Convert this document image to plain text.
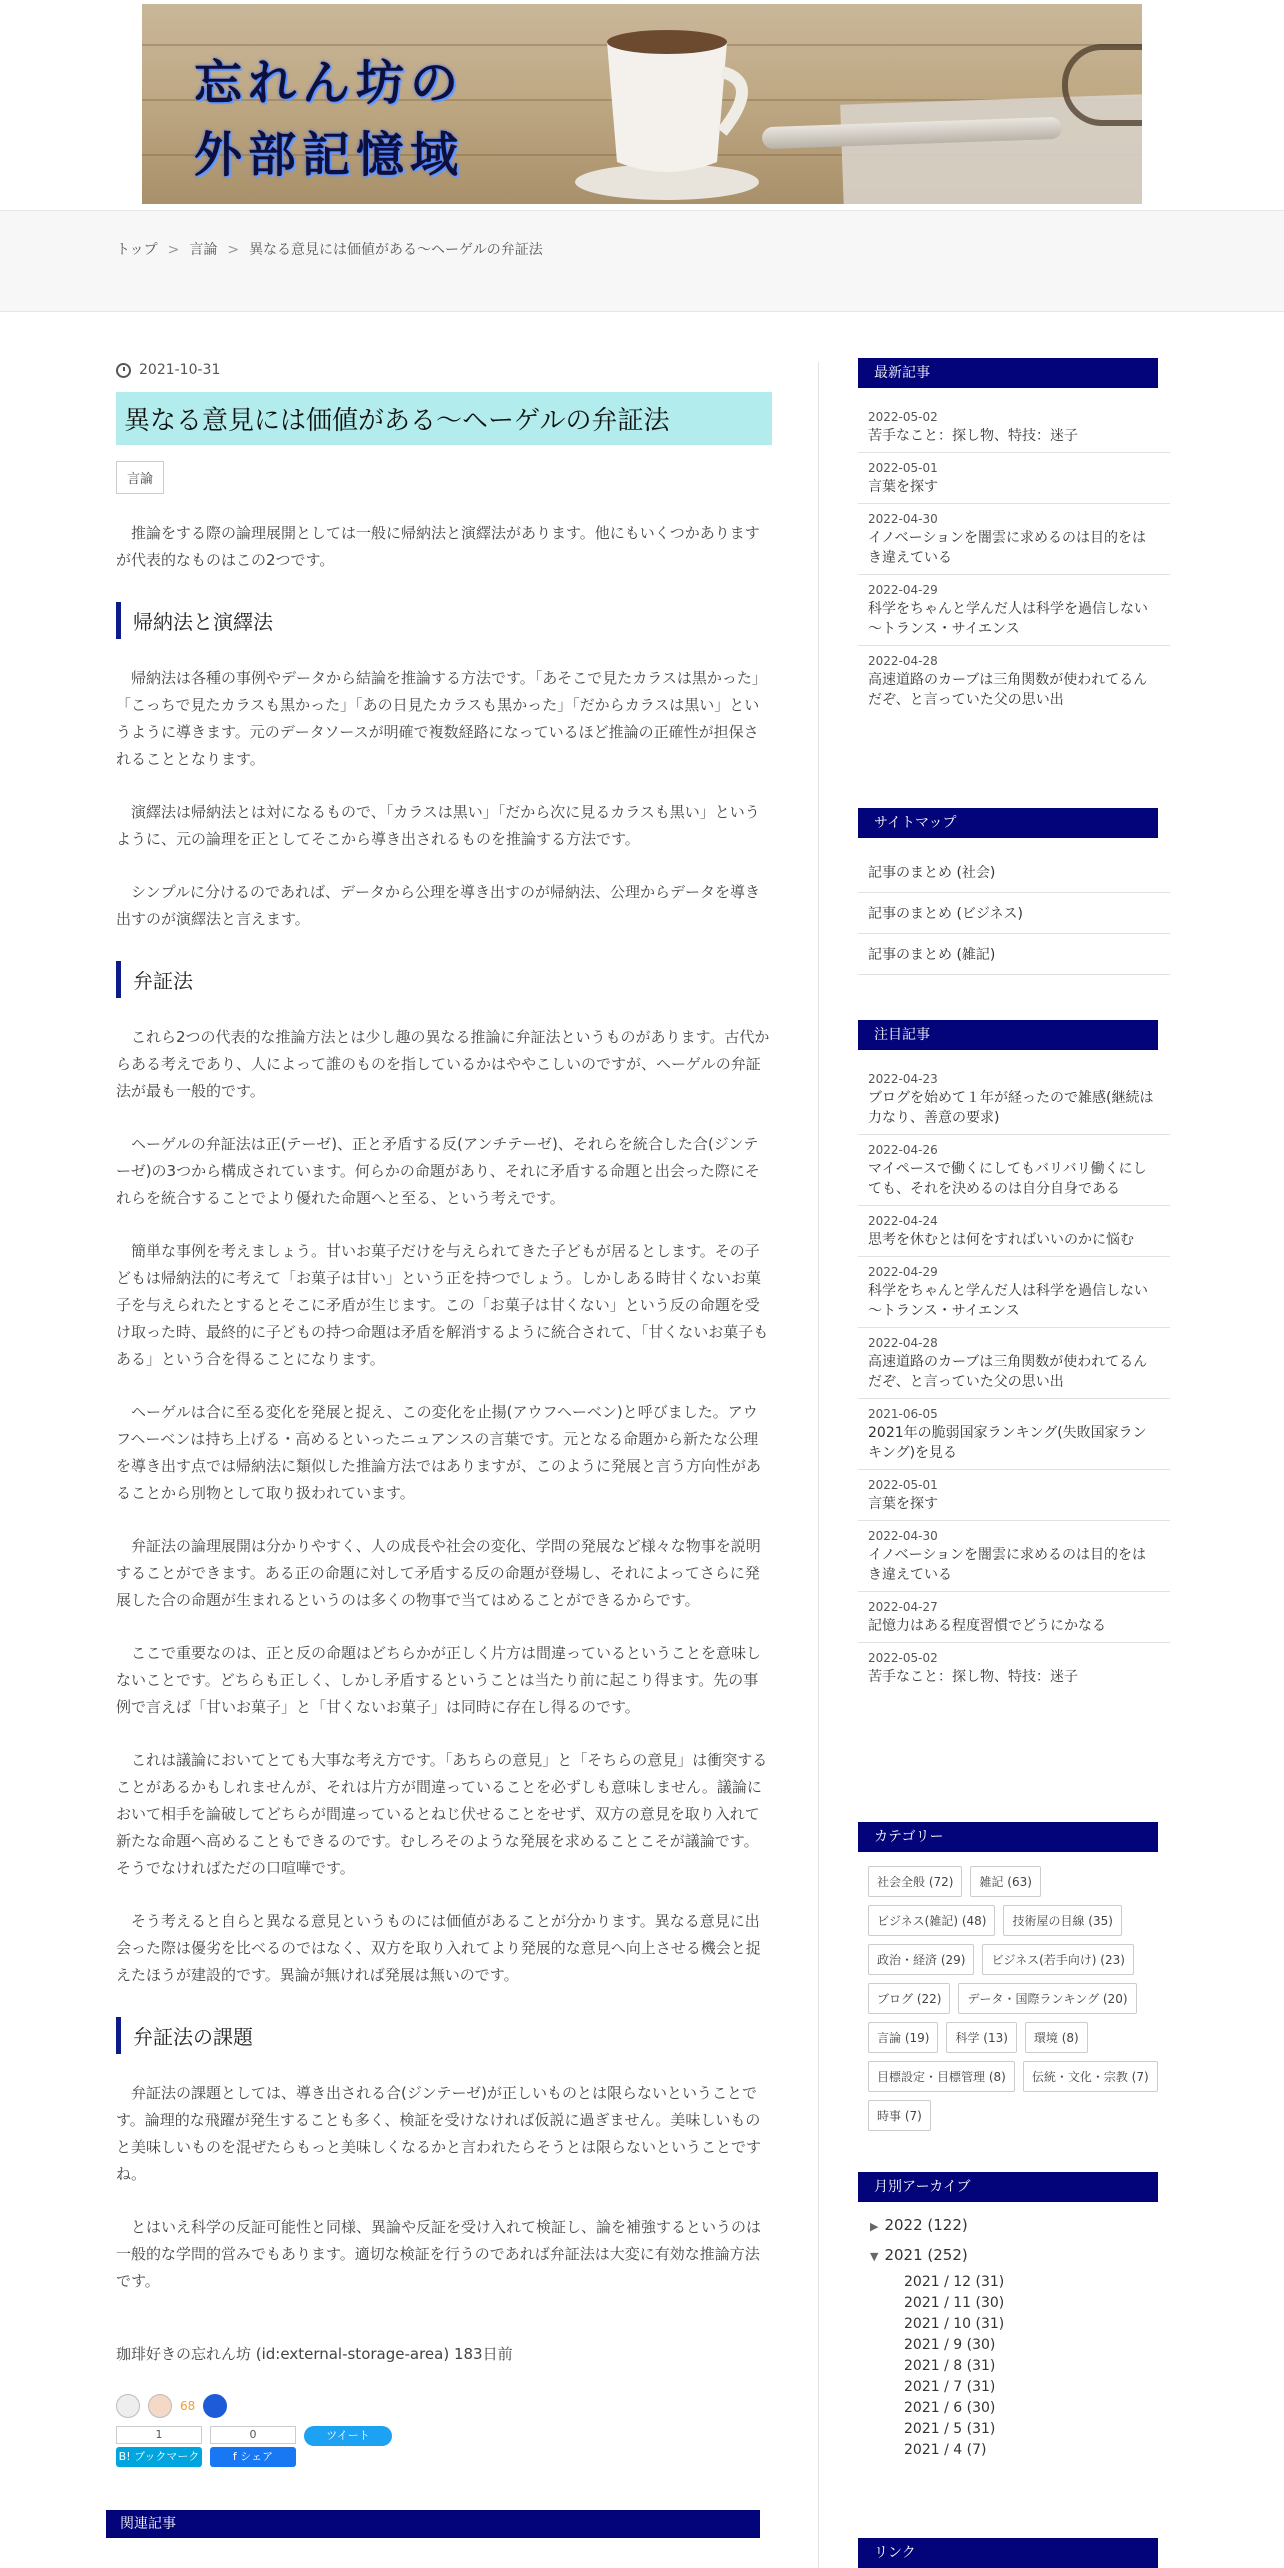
忘れん坊の
外部記憶域
トップ > 言論 > 異なる意見には価値がある～ヘーゲルの弁証法
2021-10-31
異なる意見には価値がある～ヘーゲルの弁証法
言論

推論をする際の論理展開としては一般に帰納法と演繹法があります。他にもいくつかありますが代表的なものはこの2つです。

帰納法と演繹法

帰納法は各種の事例やデータから結論を推論する方法です。「あそこで見たカラスは黒かった」「こっちで見たカラスも黒かった」「あの日見たカラスも黒かった」「だからカラスは黒い」というように導きます。元のデータソースが明確で複数経路になっているほど推論の正確性が担保されることとなります。

演繹法は帰納法とは対になるもので、「カラスは黒い」「だから次に見るカラスも黒い」というように、元の論理を正としてそこから導き出されるものを推論する方法です。

シンプルに分けるのであれば、データから公理を導き出すのが帰納法、公理からデータを導き出すのが演繹法と言えます。

弁証法

これら2つの代表的な推論方法とは少し趣の異なる推論に弁証法というものがあります。古代からある考えであり、人によって誰のものを指しているかはややこしいのですが、ヘーゲルの弁証法が最も一般的です。

ヘーゲルの弁証法は正(テーゼ)、正と矛盾する反(アンチテーゼ)、それらを統合した合(ジンテーゼ)の3つから構成されています。何らかの命題があり、それに矛盾する命題と出会った際にそれらを統合することでより優れた命題へと至る、という考えです。

簡単な事例を考えましょう。甘いお菓子だけを与えられてきた子どもが居るとします。その子どもは帰納法的に考えて「お菓子は甘い」という正を持つでしょう。しかしある時甘くないお菓子を与えられたとするとそこに矛盾が生じます。この「お菓子は甘くない」という反の命題を受け取った時、最終的に子どもの持つ命題は矛盾を解消するように統合されて、「甘くないお菓子もある」という合を得ることになります。

ヘーゲルは合に至る変化を発展と捉え、この変化を止揚(アウフヘーベン)と呼びました。アウフヘーベンは持ち上げる・高めるといったニュアンスの言葉です。元となる命題から新たな公理を導き出す点では帰納法に類似した推論方法ではありますが、このように発展と言う方向性があることから別物として取り扱われています。

弁証法の論理展開は分かりやすく、人の成長や社会の変化、学問の発展など様々な物事を説明することができます。ある正の命題に対して矛盾する反の命題が登場し、それによってさらに発展した合の命題が生まれるというのは多くの物事で当てはめることができるからです。

ここで重要なのは、正と反の命題はどちらかが正しく片方は間違っているということを意味しないことです。どちらも正しく、しかし矛盾するということは当たり前に起こり得ます。先の事例で言えば「甘いお菓子」と「甘くないお菓子」は同時に存在し得るのです。

これは議論においてとても大事な考え方です。「あちらの意見」と「そちらの意見」は衝突することがあるかもしれませんが、それは片方が間違っていることを必ずしも意味しません。議論において相手を論破してどちらが間違っているとねじ伏せることをせず、双方の意見を取り入れて新たな命題へ高めることもできるのです。むしろそのような発展を求めることこそが議論です。そうでなければただの口喧嘩です。

そう考えると自らと異なる意見というものには価値があることが分かります。異なる意見に出会った際は優劣を比べるのではなく、双方を取り入れてより発展的な意見へ向上させる機会と捉えたほうが建設的です。異論が無ければ発展は無いのです。

弁証法の課題

弁証法の課題としては、導き出される合(ジンテーゼ)が正しいものとは限らないということです。論理的な飛躍が発生することも多く、検証を受けなければ仮説に過ぎません。美味しいものと美味しいものを混ぜたらもっと美味しくなるかと言われたらそうとは限らないということですね。

とはいえ科学の反証可能性と同様、異論や反証を受け入れて検証し、論を補強するというのは一般的な学問的営みでもあります。適切な検証を行うのであれば弁証法は大変に有効な推論方法です。

珈琲好きの忘れん坊 (id:external-storage-area) 183日前
68
1
B! ブックマーク
0
f シェア
ツイート
関連記事
最新記事
2022-05-02
苦手なこと：探し物、特技：迷子
2022-05-01
言葉を探す
2022-04-30
イノベーションを闇雲に求めるのは目的をはき違えている
2022-04-29
科学をちゃんと学んだ人は科学を過信しない～トランス・サイエンス
2022-04-28
高速道路のカーブは三角関数が使われてるんだぞ、と言っていた父の思い出
サイトマップ
記事のまとめ (社会)
記事のまとめ (ビジネス)
記事のまとめ (雑記)
注目記事
2022-04-23
ブログを始めて１年が経ったので雑感(継続は力なり、善意の要求)
2022-04-26
マイペースで働くにしてもバリバリ働くにしても、それを決めるのは自分自身である
2022-04-24
思考を休むとは何をすればいいのかに悩む
2022-04-29
科学をちゃんと学んだ人は科学を過信しない～トランス・サイエンス
2022-04-28
高速道路のカーブは三角関数が使われてるんだぞ、と言っていた父の思い出
2021-06-05
2021年の脆弱国家ランキング(失敗国家ランキング)を見る
2022-05-01
言葉を探す
2022-04-30
イノベーションを闇雲に求めるのは目的をはき違えている
2022-04-27
記憶力はある程度習慣でどうにかなる
2022-05-02
苦手なこと：探し物、特技：迷子
カテゴリー
社会全般 (72)	雑記 (63)
ビジネス(雑記) (48)	技術屋の目線 (35)
政治・経済 (29)	ビジネス(若手向け) (23)
ブログ (22)	データ・国際ランキング (20)
言論 (19)	科学 (13)	環境 (8)
目標設定・目標管理 (8)	伝統・文化・宗教 (7)
時事 (7)
月別アーカイブ
▶ 2022 (122)
▼ 2021 (252)
2021 / 12 (31)
2021 / 11 (30)
2021 / 10 (31)
2021 / 9 (30)
2021 / 8 (31)
2021 / 7 (31)
2021 / 6 (30)
2021 / 5 (31)
2021 / 4 (7)
リンク
